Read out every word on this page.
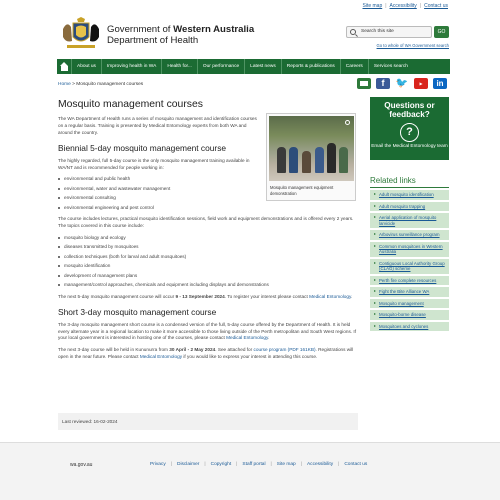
Site map | Accessibility | Contact us
Government of Western Australia
Department of Health
Search this site	GO
Go to whole of WA Government search
About us	Improving health in WA	Health for...	Our performance	Latest news	Reports & publications	Careers	Services search
Home > Mosquito management courses	f	🐦	▶	in
Mosquito management courses

The WA Department of Health runs a series of mosquito management and identification courses on a regular basis. Training is presented by Medical Entomology experts from both WA and around the country.

Biennial 5-day mosquito management course

The highly regarded, full 5-day course is the only mosquito management training available in WA/NT and is recommended for people working in:

environmental and public health
environmental, water and wastewater management
environmental consulting
environmental engineering and pest control

The course includes lectures, practical mosquito identification sessions, field work and equipment demonstrations and is offered every 2 years. The topics covered in this course include:

mosquito biology and ecology
diseases transmitted by mosquitoes
collection techniques (both for larval and adult mosquitoes)
mosquito identification
development of management plans
management/control approaches, chemicals and equipment including displays and demonstrations

The next 5-day mosquito management course will occur 9 - 13 September 2024. To register your interest please contact Medical Entomology.

Short 3-day mosquito management course

The 3-day mosquito management short course is a condensed version of the full, 5-day course offered by the Department of Health. It is held every alternate year in a regional location to make it more accessible to those living outside of the Perth metropolitan and South West regions. If your local government is interested in hosting one of the courses, please contact Medical Entomology.

The next 3-day course will be held in Kununurra from 30 April - 2 May 2024. See attached for course program (PDF 161KB). Registrations will open in the near future. Please contact Medical Entomology if you would like to express your interest in attending this course.

Mosquito management equipment demonstration
Last reviewed: 16-02-2024
Questions or feedback?
?
Email the Medical Entomology team
Related links
Adult mosquito identification
Adult mosquito trapping
Aerial application of mosquito larvicide
Arbovirus surveillance program
Common mosquitoes in Western Australia
Contiguous Local Authority Group (CLAG) scheme
Perth fire complete resources
Fight the Bite Alliance WA
Mosquito management
Mosquito-borne disease
Mosquitoes and cyclones
wa.gov.au	Privacy | Disclaimer | Copyright | Staff portal | Site map | Accessibility | Contact us
